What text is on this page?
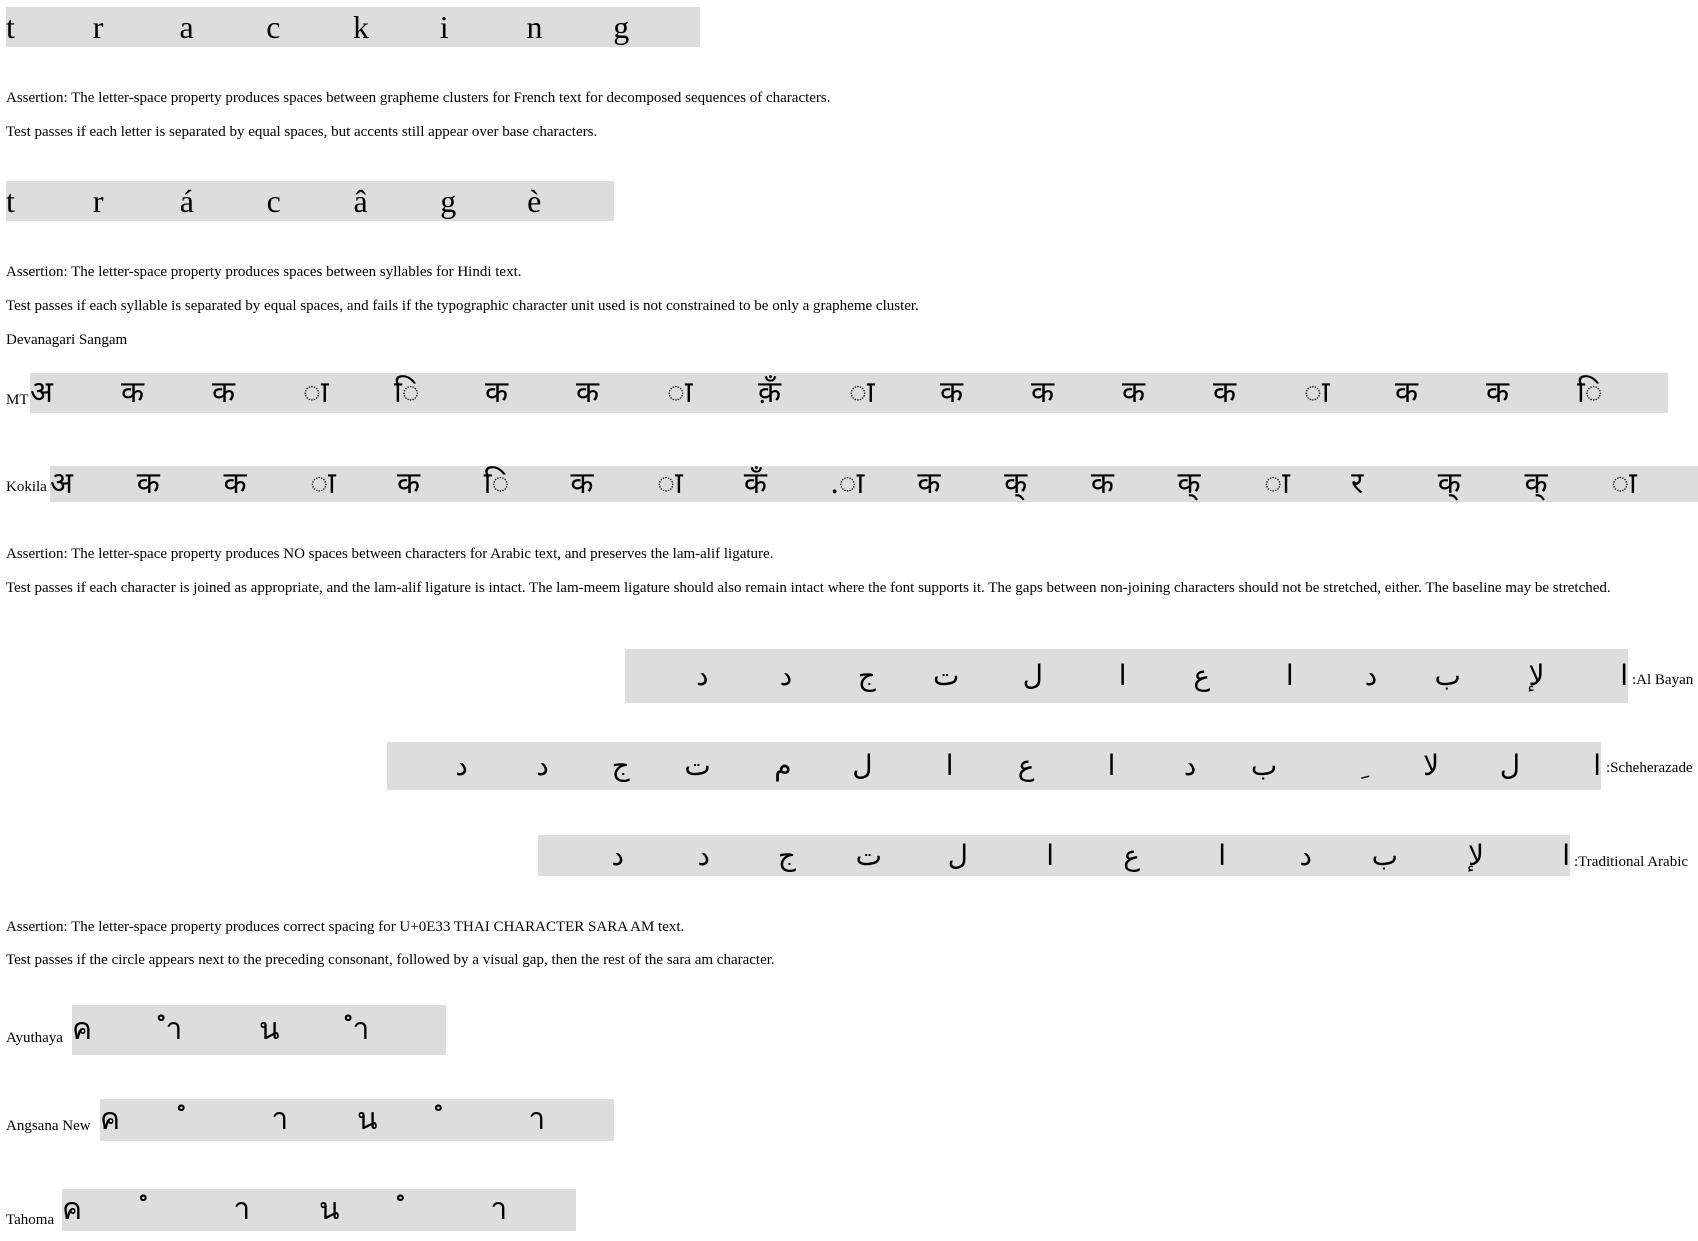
t	r	a	c	k	i	n	g
Assertion: The letter-space property produces spaces between grapheme clusters for French text for decomposed sequences of characters.
Test passes if each letter is separated by equal spaces, but accents still appear over base characters.
t	r	á	c	â	g	è
Assertion: The letter-space property produces spaces between syllables for Hindi text.
Test passes if each syllable is separated by equal spaces, and fails if the typographic character unit used is not constrained to be only a grapheme cluster.
Devanagari Sangam
MT अ	क	क	ा	ि	क	क	ा	क़ँ	ा	क	क	क	क	ा	क	क	ि
Kokila अ	क	क	ा	क	ि	क	ा	कँ	.ा	क	क्	क	क्	ा	र	क्	क्	ा
Assertion: The letter-space property produces NO spaces between characters for Arabic text, and preserves the lam-alif ligature.
Test passes if each character is joined as appropriate, and the lam-alif ligature is intact. The lam-meem ligature should also remain intact where the font supports it. The gaps between non-joining characters should not be stretched, either. The baseline may be stretched.
ا
لإ
ب
د
ا
ع
ا
ل
ت
ج
د
د	:Al Bayan
ا
ل
لا
ب
د
ا
ع
ا
ل
م
ت
ج
د
د	:Scheherazade
ا
لإ
ب
د
ا
ع
ا
ل
ت
ج
د
د	:Traditional Arabic
Assertion: The letter-space property produces correct spacing for U+0E33 THAI CHARACTER SARA AM text.
Test passes if the circle appears next to the preceding consonant, followed by a visual gap, then the rest of the sara am character.
Ayuthaya ค	ํา	น	ํา
Angsana New ค	า	น	า
Tahoma ค	า	น	า
